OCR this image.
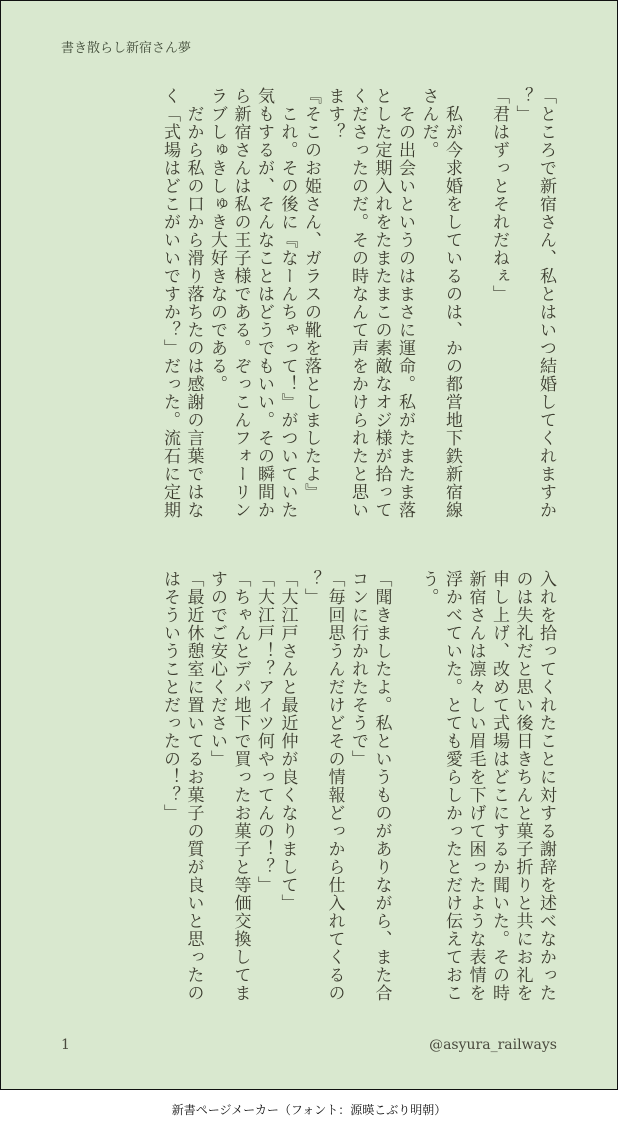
書き散らし新宿さん夢
「ところで新宿さん、私とはいつ結婚してくれますか
？」
「君はずっとそれだねぇ」
　私が今求婚をしているのは、かの都営地下鉄新宿線
さんだ。
　その出会いというのはまさに運命。私がたまたま落
とした定期入れをたまたまこの素敵なオジ様が拾って
くださったのだ。その時なんて声をかけられたと思い
ます？
『そこのお姫さん、ガラスの靴を落としましたよ』
　これ。その後に『なーんちゃって！』がついていた
気もするが、そんなことはどうでもいい。その瞬間か
ら新宿さんは私の王子様である。ぞっこんフォーリン
ラブしゅきしゅき大好きなのである。
　だから私の口から滑り落ちたのは感謝の言葉ではな
く「式場はどこがいいですか？」だった。流石に定期
入れを拾ってくれたことに対する謝辞を述べなかった
のは失礼だと思い後日きちんと菓子折りと共にお礼を
申し上げ、改めて式場はどこにするか聞いた。その時
新宿さんは凛々しい眉毛を下げて困ったような表情を
浮かべていた。とても愛らしかったとだけ伝えておこ
う。
「聞きましたよ。私というものがありながら、また合
コンに行かれたそうで」
「毎回思うんだけどその情報どっから仕入れてくるの
？」
「大江戸さんと最近仲が良くなりまして」
「大江戸！？アイツ何やってんの！？」
「ちゃんとデパ地下で買ったお菓子と等価交換してま
すのでご安心ください」
「最近休憩室に置いてるお菓子の質が良いと思ったの
はそういうことだったの！？」
1	@asyura_railways
新書ページメーカー（フォント：源暎こぶり明朝）
